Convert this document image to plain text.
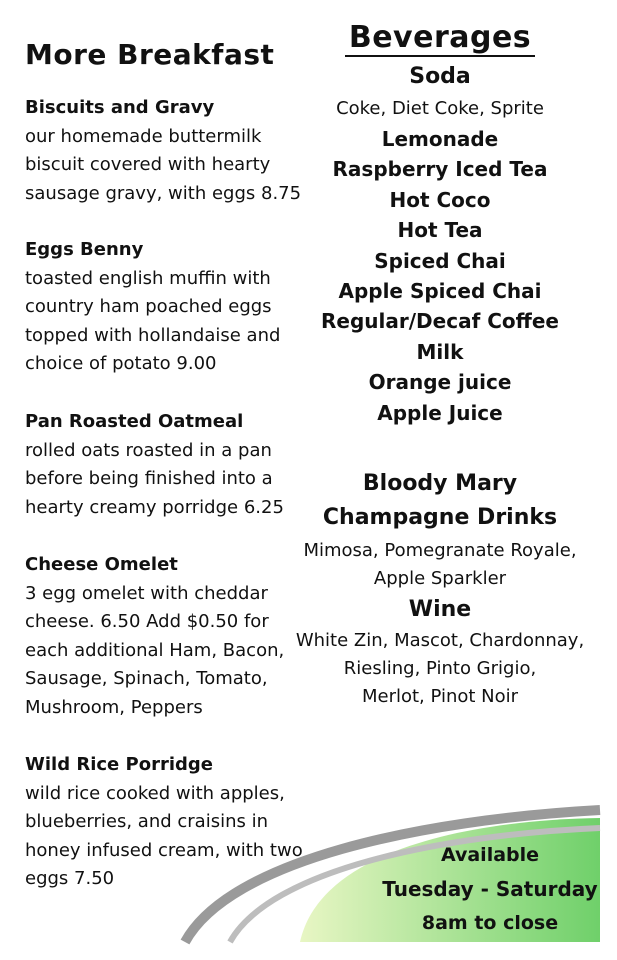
More Breakfast
Biscuits and Gravy
our homemade buttermilk
biscuit covered with hearty
sausage gravy, with eggs 8.75
Eggs Benny
toasted english muffin with
country ham poached eggs
topped with hollandaise and
choice of potato 9.00
Pan Roasted Oatmeal
rolled oats roasted in a pan
before being finished into a
hearty creamy porridge 6.25
Cheese Omelet
3 egg omelet with cheddar
cheese. 6.50 Add $0.50 for
each additional Ham, Bacon,
Sausage, Spinach, Tomato,
Mushroom, Peppers
Wild Rice Porridge
wild rice cooked with apples,
blueberries, and craisins in
honey infused cream, with two
eggs 7.50
Beverages
Soda
Coke, Diet Coke, Sprite
Lemonade
Raspberry Iced Tea
Hot Coco
Hot Tea
Spiced Chai
Apple Spiced Chai
Regular/Decaf Coffee
Milk
Orange juice
Apple Juice
Bloody Mary
Champagne Drinks
Mimosa, Pomegranate Royale,
Apple Sparkler
Wine
White Zin, Mascot, Chardonnay,
Riesling, Pinto Grigio,
Merlot, Pinot Noir
Available
Tuesday - Saturday
8am to close
